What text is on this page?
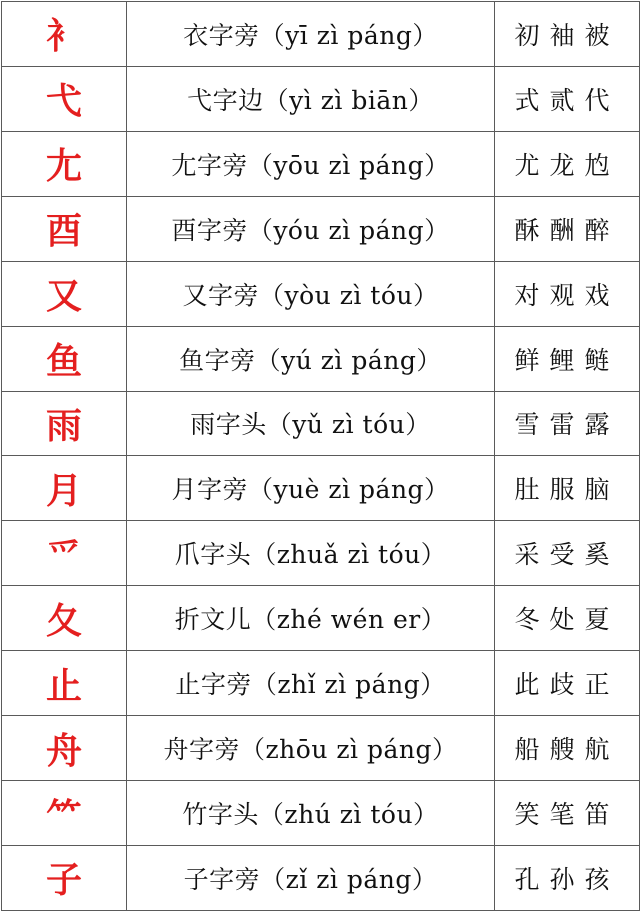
衤	衣字旁（yī zì páng）	初袖被
弋	弋字边（yì zì biān）	式贰代
尢	尢字旁（yōu zì páng）	尤龙尥
酉	酉字旁（yóu zì páng）	酥酬醉
又	又字旁（yòu zì tóu）	对观戏
鱼	鱼字旁（yú zì páng）	鲜鲤鲢
雨	雨字头（yǔ zì tóu）	雪雷露
月	月字旁（yuè zì páng）	肚服脑
爫	爪字头（zhuǎ zì tóu）	采受奚
夂	折文儿（zhé wén er）	冬处夏
止	止字旁（zhǐ zì páng）	此歧正
舟	舟字旁（zhōu zì páng）	船艘航
⺮	竹字头（zhú zì tóu）	笑笔笛
子	子字旁（zǐ zì páng）	孔孙孩
